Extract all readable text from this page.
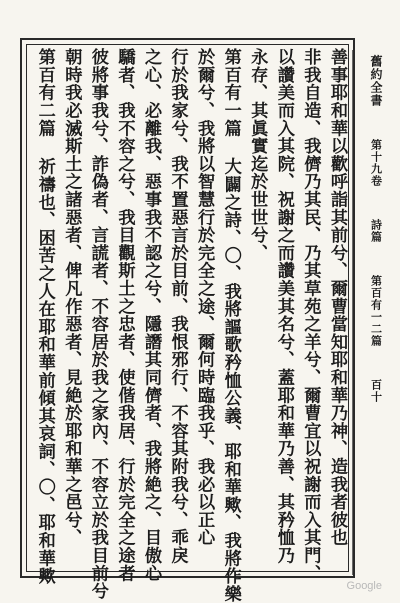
舊約全書
第十九卷
詩篇
第百有一二篇
百十
善事耶和華以歡呼詣其前兮、爾曹當知耶和華乃神、造我者彼也
非我自造、我儕乃其民、乃其草苑之羊兮、爾曹宜以祝謝而入其門、
以讚美而入其院、祝謝之而讚美其名兮、蓋耶和華乃善、其矜恤乃
永存、其眞實迄於世世兮、
第百有一篇 大闢之詩、〇、我將謳歌矜恤公義、耶和華歟、我將作樂
於爾兮、我將以智慧行於完全之途、爾何時臨我乎、我必以正心
行於我家兮、我不置惡言於目前、我恨邪行、不容其附我兮、乖戾
之心、必離我、惡事我不認之兮、隱譖其同儕者、我將絶之、目傲心
驕者、我不容之兮、我目觀斯土之忠者、使偕我居、行於完全之途者
彼將事我兮、詐偽者、言謊者、不容居於我之家內、不容立於我目前兮
朝時我必滅斯土之諸惡者、俾凡作惡者、見絶於耶和華之邑兮、
第百有二篇 祈禱也、困苦之人在耶和華前傾其哀詞、〇、耶和華歟
Google
